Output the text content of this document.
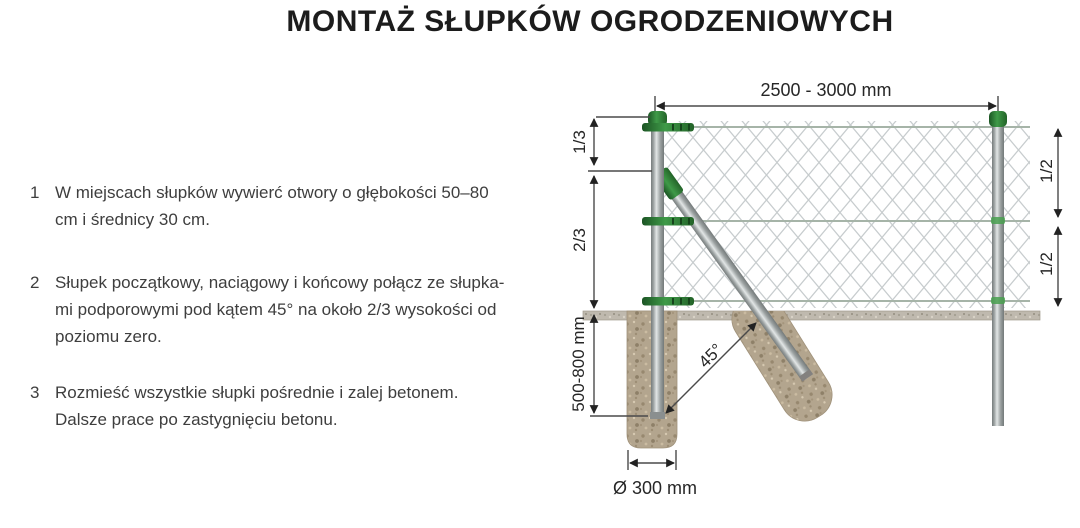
MONTAŻ SŁUPKÓW OGRODZENIOWYCH
1 W miejscach słupków wywierć otwory o głębokości 50–80 cm i średnicy 30 cm.
2 Słupek początkowy, naciągowy i końcowy połącz ze słupka-mi podporowymi pod kątem 45° na około 2/3 wysokości od poziomu zero.
3 Rozmieść wszystkie słupki pośrednie i zalej betonem. Dalsze prace po zastygnięciu betonu.
2500 - 3000 mm
1/3
2/3
500-800 mm
Ø 300 mm
45°
1/2
1/2
